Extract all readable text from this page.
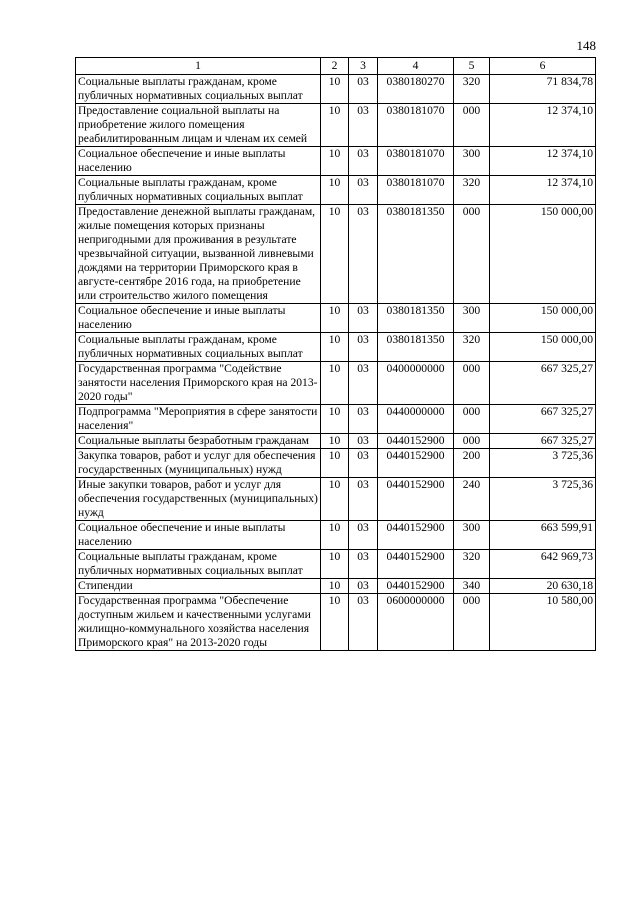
148
1	2	3	4	5	6
Социальные выплаты гражданам, кроме публичных нормативных социальных выплат	10	03	0380180270	320	71 834,78
Предоставление социальной выплаты на приобретение жилого помещения реабилитированным лицам и членам их семей	10	03	0380181070	000	12 374,10
Социальное обеспечение и иные выплаты населению	10	03	0380181070	300	12 374,10
Социальные выплаты гражданам, кроме публичных нормативных социальных выплат	10	03	0380181070	320	12 374,10
Предоставление денежной выплаты гражданам, жилые помещения которых признаны непригодными для проживания в результате чрезвычайной ситуации, вызванной ливневыми дождями на территории Приморского края в августе-сентябре 2016 года, на приобретение или строительство жилого помещения	10	03	0380181350	000	150 000,00
Социальное обеспечение и иные выплаты населению	10	03	0380181350	300	150 000,00
Социальные выплаты гражданам, кроме публичных нормативных социальных выплат	10	03	0380181350	320	150 000,00
Государственная программа "Содействие занятости населения Приморского края на 2013-2020 годы"	10	03	0400000000	000	667 325,27
Подпрограмма "Мероприятия в сфере занятости населения"	10	03	0440000000	000	667 325,27
Социальные выплаты безработным гражданам	10	03	0440152900	000	667 325,27
Закупка товаров, работ и услуг для обеспечения государственных (муниципальных) нужд	10	03	0440152900	200	3 725,36
Иные закупки товаров, работ и услуг для обеспечения государственных (муниципальных) нужд	10	03	0440152900	240	3 725,36
Социальное обеспечение и иные выплаты населению	10	03	0440152900	300	663 599,91
Социальные выплаты гражданам, кроме публичных нормативных социальных выплат	10	03	0440152900	320	642 969,73
Стипендии	10	03	0440152900	340	20 630,18
Государственная программа "Обеспечение доступным жильем и качественными услугами жилищно-коммунального хозяйства населения Приморского края" на 2013-2020 годы	10	03	0600000000	000	10 580,00
